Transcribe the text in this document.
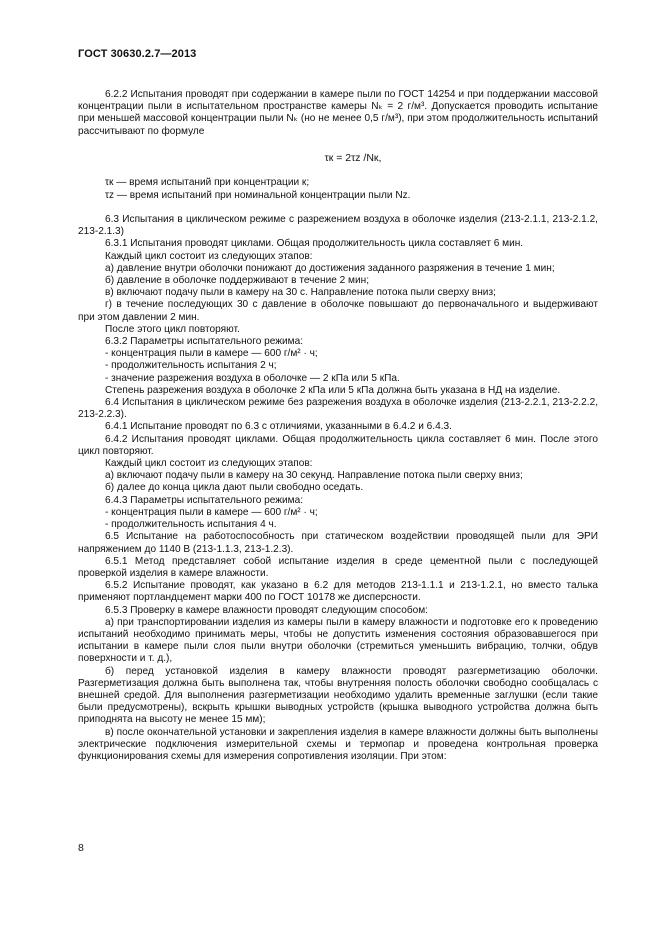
ГОСТ 30630.2.7—2013

6.2.2 Испытания проводят при содержании в камере пыли по ГОСТ 14254 и при поддержании массовой концентрации пыли в испытательном пространстве камеры Nₖ = 2 г/м³. Допускается проводить испытание при меньшей массовой концентрации пыли Nₖ (но не менее 0,5 г/м³), при этом продолжительность испытаний рассчитывают по формуле

τк = 2τz /Nк,

τк — время испытаний при концентрации к;

τz — время испытаний при номинальной концентрации пыли Nz.

6.3 Испытания в циклическом режиме с разрежением воздуха в оболочке изделия (213-2.1.1, 213-2.1.2, 213-2.1.3)

6.3.1 Испытания проводят циклами. Общая продолжительность цикла составляет 6 мин.

Каждый цикл состоит из следующих этапов:

а) давление внутри оболочки понижают до достижения заданного разряжения в течение 1 мин;

б) давление в оболочке поддерживают в течение 2 мин;

в) включают подачу пыли в камеру на 30 с. Направление потока пыли сверху вниз;

г) в течение последующих 30 с давление в оболочке повышают до первоначального и выдерживают при этом давлении 2 мин.

После этого цикл повторяют.

6.3.2 Параметры испытательного режима:

- концентрация пыли в камере — 600 г/м² · ч;

- продолжительность испытания 2 ч;

- значение разрежения воздуха в оболочке — 2 кПа или 5 кПа.

Степень разрежения воздуха в оболочке 2 кПа или 5 кПа должна быть указана в НД на изделие.

6.4 Испытания в циклическом режиме без разрежения воздуха в оболочке изделия (213-2.2.1, 213-2.2.2, 213-2.2.3).

6.4.1 Испытание проводят по 6.3 с отличиями, указанными в 6.4.2 и 6.4.3.

6.4.2 Испытания проводят циклами. Общая продолжительность цикла составляет 6 мин. После этого цикл повторяют.

Каждый цикл состоит из следующих этапов:

а) включают подачу пыли в камеру на 30 секунд. Направление потока пыли сверху вниз;

б) далее до конца цикла дают пыли свободно оседать.

6.4.3 Параметры испытательного режима:

- концентрация пыли в камере — 600 г/м² · ч;

- продолжительность испытания 4 ч.

6.5 Испытание на работоспособность при статическом воздействии проводящей пыли для ЭРИ напряжением до 1140 В (213-1.1.3, 213-1.2.3).

6.5.1 Метод представляет собой испытание изделия в среде цементной пыли с последующей проверкой изделия в камере влажности.

6.5.2 Испытание проводят, как указано в 6.2 для методов 213-1.1.1 и 213-1.2.1, но вместо талька применяют портландцемент марки 400 по ГОСТ 10178 же дисперсности.

6.5.3 Проверку в камере влажности проводят следующим способом:

а) при транспортировании изделия из камеры пыли в камеру влажности и подготовке его к проведению испытаний необходимо принимать меры, чтобы не допустить изменения состояния образовавшегося при испытании в камере пыли слоя пыли внутри оболочки (стремиться уменьшить вибрацию, толчки, обдув поверхности и т. д.),

б) перед установкой изделия в камеру влажности проводят разгерметизацию оболочки. Разгерметизация должна быть выполнена так, чтобы внутренняя полость оболочки свободно сообщалась с внешней средой. Для выполнения разгерметизации необходимо удалить временные заглушки (если такие были предусмотрены), вскрыть крышки выводных устройств (крышка выводного устройства должна быть приподнята на высоту не менее 15 мм);

в) после окончательной установки и закрепления изделия в камере влажности должны быть выполнены электрические подключения измерительной схемы и термопар и проведена контрольная проверка функционирования схемы для измерения сопротивления изоляции. При этом:

8
